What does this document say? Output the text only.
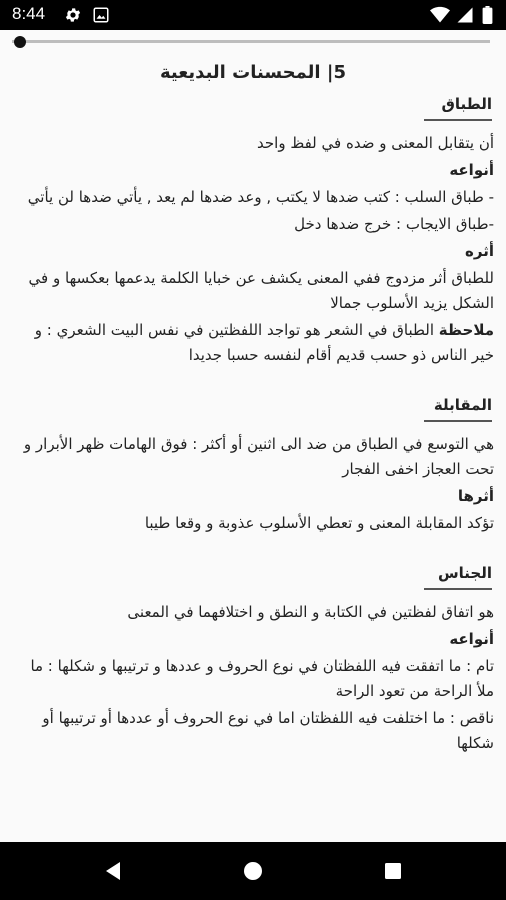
8:44
5| المحسنات البديعية
الطباق

أن يتقابل المعنى و ضده في لفظ واحد

أنواعه

- طباق السلب : كتب ضدها لا يكتب , وعد ضدها لم يعد , يأتي ضدها لن يأتي

-طباق الايجاب : خرج ضدها دخل

أثره

للطباق أثر مزدوج ففي المعنى يكشف عن خبايا الكلمة يدعمها بعكسها و في الشكل يزيد الأسلوب جمالا

ملاحظة الطباق في الشعر هو تواجد اللفظتين في نفس البيت الشعري : و خير الناس ذو حسب قديم أقام لنفسه حسبا جديدا

المقابلة

هي التوسع في الطباق من ضد الى اثنين أو أكثر : فوق الهامات ظهر الأبرار و تحت العجاز اخفى الفجار

أثرها

تؤكد المقابلة المعنى و تعطي الأسلوب عذوبة و وقعا طيبا

الجناس

هو اتفاق لفظتين في الكتابة و النطق و اختلافهما في المعنى

أنواعه

تام : ما اتفقت فيه اللفظتان في نوع الحروف و عددها و ترتيبها و شكلها : ما ملأ الراحة من تعود الراحة

ناقص : ما اختلفت فيه اللفظتان اما في نوع الحروف أو عددها أو ترتيبها أو شكلها
